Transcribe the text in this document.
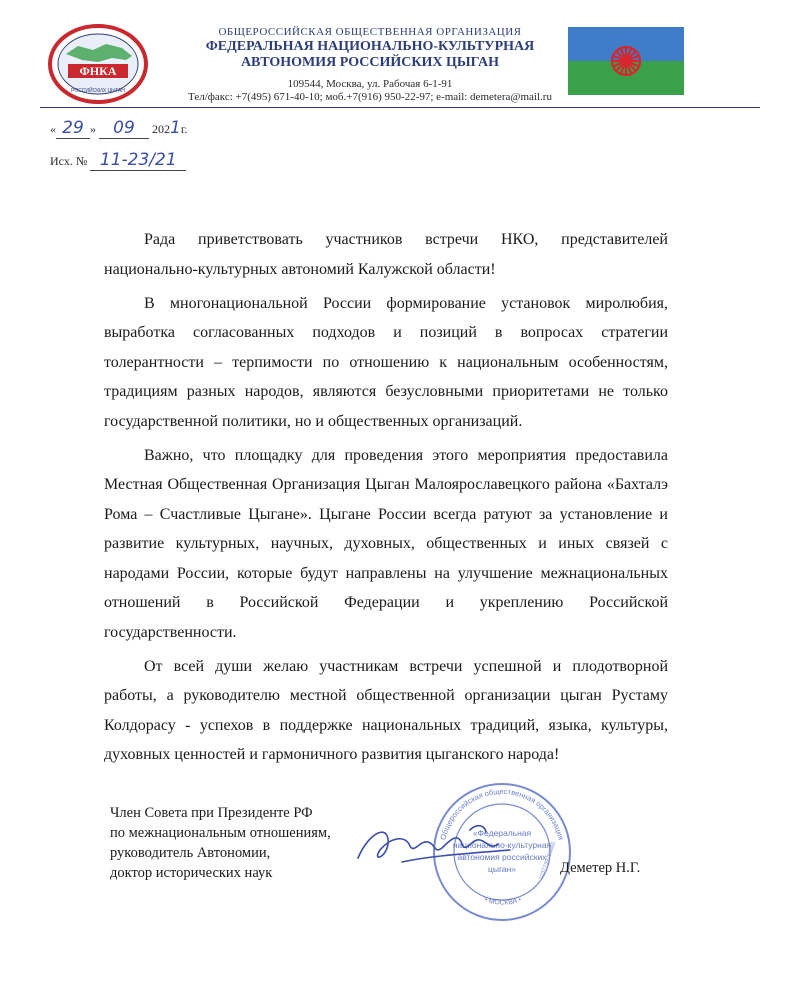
ФНКА
РОССИЙСКИХ ЦЫГАН
ОБЩЕРОССИЙСКАЯ ОБЩЕСТВЕННАЯ ОРГАНИЗАЦИЯ
ФЕДЕРАЛЬНАЯ НАЦИОНАЛЬНО-КУЛЬТУРНАЯ
АВТОНОМИЯ РОССИЙСКИХ ЦЫГАН
109544, Москва, ул. Рабочая 6-1-91
Тел/факс: +7(495) 671-40-10; моб.+7(916) 950-22-97; e-mail: demetera@mail.ru
« 29 » 09 2021г.
Исх. № 11-23/21

Рада приветствовать участников встречи НКО, представителей национально-культурных автономий Калужской области!

В многонациональной России формирование установок миролюбия, выработка согласованных подходов и позиций в вопросах стратегии толерантности – терпимости по отношению к национальным особенностям, традициям разных народов, являются безусловными приоритетами не только государственной политики, но и общественных организаций.

Важно, что площадку для проведения этого мероприятия предоставила Местная Общественная Организация Цыган Малоярославецкого района «Бахталэ Рома – Счастливые Цыгане». Цыгане России всегда ратуют за установление и развитие культурных, научных, духовных, общественных и иных связей с народами России, которые будут направлены на улучшение межнациональных отношений в Российской Федерации и укреплению Российской государственности.

От всей души желаю участникам встречи успешной и плодотворной работы, а руководителю местной общественной организации цыган Рустаму Колдорасу - успехов в поддержке национальных традиций, языка, культуры, духовных ценностей и гармоничного развития цыганского народа!

Член Совета при Президенте РФ
по межнациональным отношениям,
руководитель Автономии,
доктор исторических наук
Общероссийская общественная организация
• МОСКВА •
«Федеральная
национально-культурная
автономия российских
цыган»	1037739766665 Деметер Н.Г.
